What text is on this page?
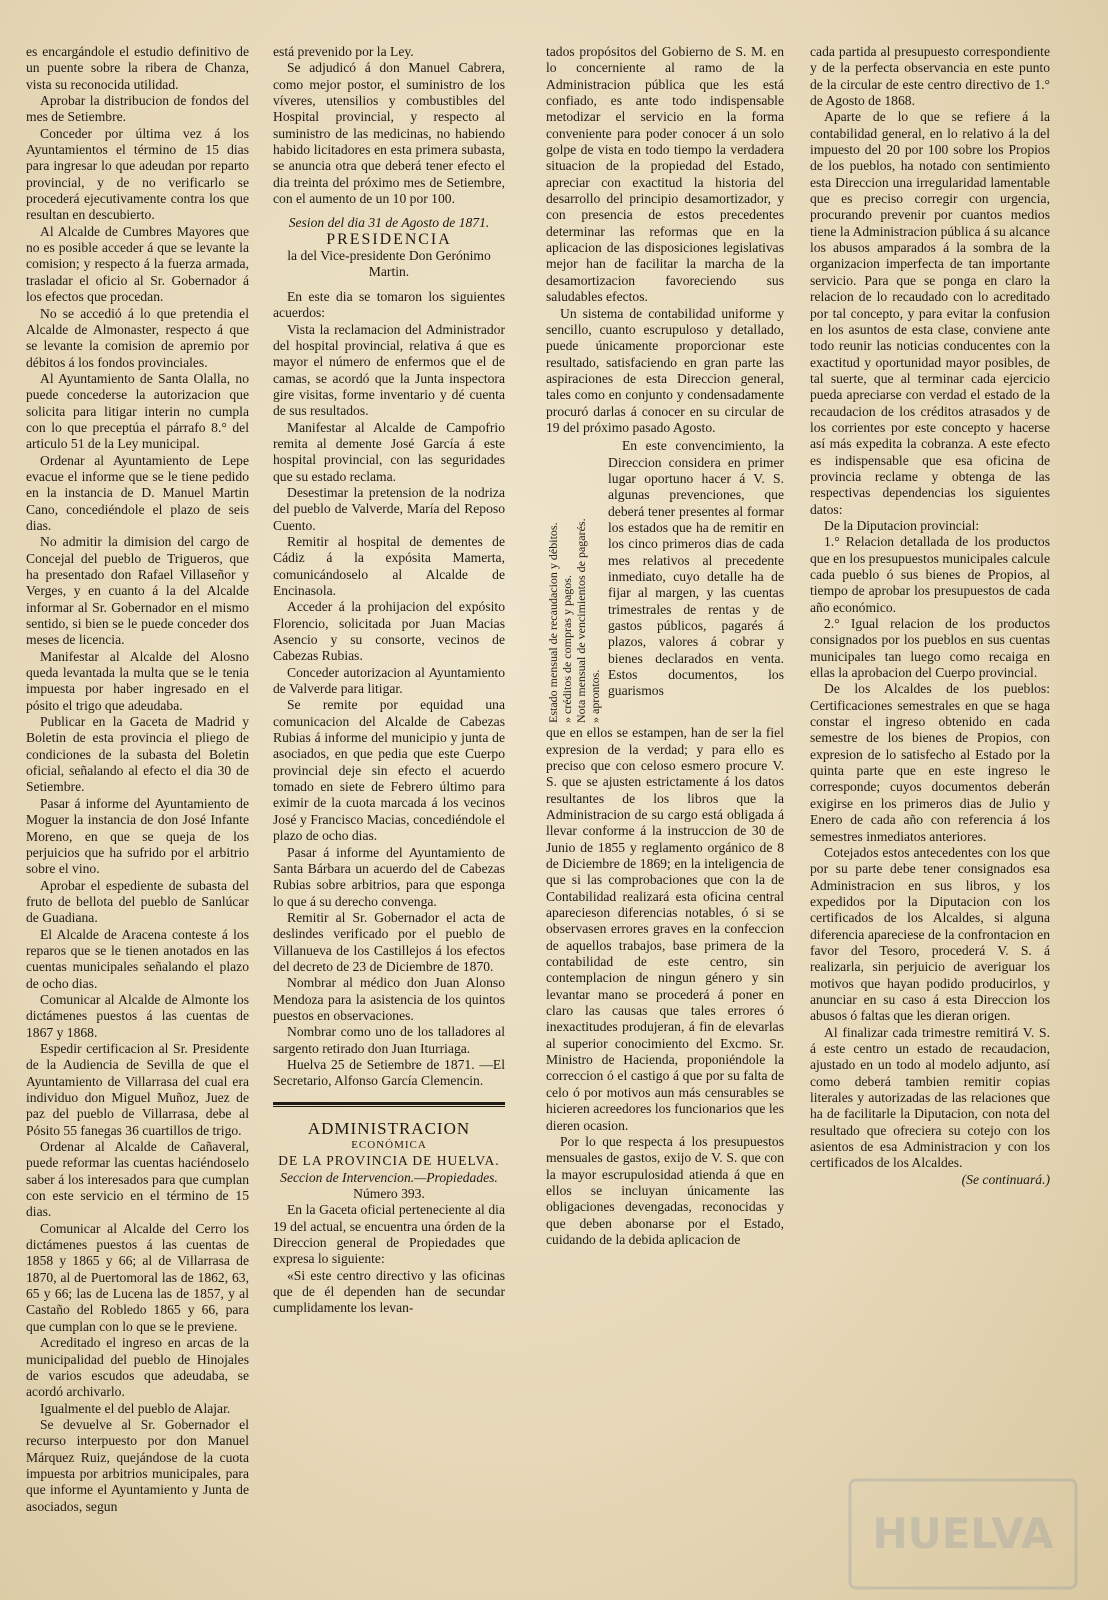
es encargándole el estudio definitivo de un puente sobre la ribera de Chanza, vista su reconocida utilidad.

Aprobar la distribucion de fondos del mes de Setiembre.

Conceder por última vez á los Ayuntamientos el término de 15 dias para ingresar lo que adeudan por reparto provincial, y de no verificarlo se procederá ejecutivamente contra los que resultan en descubierto.

Al Alcalde de Cumbres Mayores que no es posible acceder á que se levante la comision; y respecto á la fuerza armada, trasladar el oficio al Sr. Gobernador á los efectos que procedan.

No se accedió á lo que pretendia el Alcalde de Almonaster, respecto á que se levante la comision de apremio por débitos á los fondos provinciales.

Al Ayuntamiento de Santa Olalla, no puede concederse la autorizacion que solicita para litigar interin no cumpla con lo que preceptúa el párrafo 8.° del articulo 51 de la Ley municipal.

Ordenar al Ayuntamiento de Lepe evacue el informe que se le tiene pedido en la instancia de D. Manuel Martin Cano, concediéndole el plazo de seis dias.

No admitir la dimision del cargo de Concejal del pueblo de Trigueros, que ha presentado don Rafael Villaseñor y Verges, y en cuanto á la del Alcalde informar al Sr. Gobernador en el mismo sentido, si bien se le puede conceder dos meses de licencia.

Manifestar al Alcalde del Alosno queda levantada la multa que se le tenia impuesta por haber ingresado en el pósito el trigo que adeudaba.

Publicar en la Gaceta de Madrid y Boletin de esta provincia el pliego de condiciones de la subasta del Boletin oficial, señalando al efecto el dia 30 de Setiembre.

Pasar á informe del Ayuntamiento de Moguer la instancia de don José Infante Moreno, en que se queja de los perjuicios que ha sufrido por el arbitrio sobre el vino.

Aprobar el espediente de subasta del fruto de bellota del pueblo de Sanlúcar de Guadiana.

El Alcalde de Aracena conteste á los reparos que se le tienen anotados en las cuentas municipales señalando el plazo de ocho dias.

Comunicar al Alcalde de Almonte los dictámenes puestos á las cuentas de 1867 y 1868.

Espedir certificacion al Sr. Presidente de la Audiencia de Sevilla de que el Ayuntamiento de Villarrasa del cual era individuo don Miguel Muñoz, Juez de paz del pueblo de Villarrasa, debe al Pósito 55 fanegas 36 cuartillos de trigo.

Ordenar al Alcalde de Cañaveral, puede reformar las cuentas haciéndoselo saber á los interesados para que cumplan con este servicio en el término de 15 dias.

Comunicar al Alcalde del Cerro los dictámenes puestos á las cuentas de 1858 y 1865 y 66; al de Villarrasa de 1870, al de Puertomoral las de 1862, 63, 65 y 66; las de Lucena las de 1857, y al Castaño del Robledo 1865 y 66, para que cumplan con lo que se le previene.

Acreditado el ingreso en arcas de la municipalidad del pueblo de Hinojales de varios escudos que adeudaba, se acordó archivarlo.

Igualmente el del pueblo de Alajar.

Se devuelve al Sr. Gobernador el recurso interpuesto por don Manuel Márquez Ruiz, quejándose de la cuota impuesta por arbitrios municipales, para que informe el Ayuntamiento y Junta de asociados, segun

está prevenido por la Ley.

Se adjudicó á don Manuel Cabrera, como mejor postor, el suministro de los víveres, utensilios y combustibles del Hospital provincial, y respecto al suministro de las medicinas, no habiendo habido licitadores en esta primera subasta, se anuncia otra que deberá tener efecto el dia treinta del próximo mes de Setiembre, con el aumento de un 10 por 100.

Sesion del dia 31 de Agosto de 1871.

PRESIDENCIA

la del Vice-presidente Don Gerónimo Martin.

En este dia se tomaron los siguientes acuerdos:

Vista la reclamacion del Administrador del hospital provincial, relativa á que es mayor el número de enfermos que el de camas, se acordó que la Junta inspectora gire visitas, forme inventario y dé cuenta de sus resultados.

Manifestar al Alcalde de Campofrio remita al demente José García á este hospital provincial, con las seguridades que su estado reclama.

Desestimar la pretension de la nodriza del pueblo de Valverde, María del Reposo Cuento.

Remitir al hospital de dementes de Cádiz á la expósita Mamerta, comunicándoselo al Alcalde de Encinasola.

Acceder á la prohijacion del expósito Florencio, solicitada por Juan Macias Asencio y su consorte, vecinos de Cabezas Rubias.

Conceder autorizacion al Ayuntamiento de Valverde para litigar.

Se remite por equidad una comunicacion del Alcalde de Cabezas Rubias á informe del municipio y junta de asociados, en que pedia que este Cuerpo provincial deje sin efecto el acuerdo tomado en siete de Febrero último para eximir de la cuota marcada á los vecinos José y Francisco Macias, concediéndole el plazo de ocho dias.

Pasar á informe del Ayuntamiento de Santa Bárbara un acuerdo del de Cabezas Rubias sobre arbitrios, para que esponga lo que á su derecho convenga.

Remitir al Sr. Gobernador el acta de deslindes verificado por el pueblo de Villanueva de los Castillejos á los efectos del decreto de 23 de Diciembre de 1870.

Nombrar al médico don Juan Alonso Mendoza para la asistencia de los quintos puestos en observaciones.

Nombrar como uno de los talladores al sargento retirado don Juan Iturriaga.

Huelva 25 de Setiembre de 1871. —El Secretario, Alfonso García Clemencin.

ADMINISTRACION
ECONÓMICA
DE LA PROVINCIA DE HUELVA.

Seccion de Intervencion.—Propiedades.

Número 393.

En la Gaceta oficial perteneciente al dia 19 del actual, se encuentra una órden de la Direccion general de Propiedades que expresa lo siguiente:

«Si este centro directivo y las oficinas que de él dependen han de secundar cumplidamente los levan-

tados propósitos del Gobierno de S. M. en lo concerniente al ramo de la Administracion pública que les está confiado, es ante todo indispensable metodizar el servicio en la forma conveniente para poder conocer á un solo golpe de vista en todo tiempo la verdadera situacion de la propiedad del Estado, apreciar con exactitud la historia del desarrollo del principio desamortizador, y con presencia de estos precedentes determinar las reformas que en la aplicacion de las disposiciones legislativas mejor han de facilitar la marcha de la desamortizacion favoreciendo sus saludables efectos.

Un sistema de contabilidad uniforme y sencillo, cuanto escrupuloso y detallado, puede únicamente proporcionar este resultado, satisfaciendo en gran parte las aspiraciones de esta Direccion general, tales como en conjunto y condensadamente procuró darlas á conocer en su circular de 19 del próximo pasado Agosto.

Estado mensual de recaudacion y débitos.
» créditos de compras y pagos. Nota mensual de vencimientos de pagarés.
» aprontos.

En este convencimiento, la Direccion considera en primer lugar oportuno hacer á V. S. algunas prevenciones, que deberá tener presentes al formar los estados que ha de remitir en los cinco primeros dias de cada mes relativos al precedente inmediato, cuyo detalle ha de fijar al margen, y las cuentas trimestrales de rentas y de gastos públicos, pagarés á plazos, valores á cobrar y bienes declarados en venta. Estos documentos, los guarismos

que en ellos se estampen, han de ser la fiel expresion de la verdad; y para ello es preciso que con celoso esmero procure V. S. que se ajusten estrictamente á los datos resultantes de los libros que la Administracion de su cargo está obligada á llevar conforme á la instruccion de 30 de Junio de 1855 y reglamento orgánico de 8 de Diciembre de 1869; en la inteligencia de que si las comprobaciones que con la de Contabilidad realizará esta oficina central aparecieson diferencias notables, ó si se observasen errores graves en la confeccion de aquellos trabajos, base primera de la contabilidad de este centro, sin contemplacion de ningun género y sin levantar mano se procederá á poner en claro las causas que tales errores ó inexactitudes produjeran, á fin de elevarlas al superior conocimiento del Excmo. Sr. Ministro de Hacienda, proponiéndole la correccion ó el castigo á que por su falta de celo ó por motivos aun más censurables se hicieren acreedores los funcionarios que les dieren ocasion.

Por lo que respecta á los presupuestos mensuales de gastos, exijo de V. S. que con la mayor escrupulosidad atienda á que en ellos se incluyan únicamente las obligaciones devengadas, reconocidas y que deben abonarse por el Estado, cuidando de la debida aplicacion de

cada partida al presupuesto correspondiente y de la perfecta observancia en este punto de la circular de este centro directivo de 1.° de Agosto de 1868.

Aparte de lo que se refiere á la contabilidad general, en lo relativo á la del impuesto del 20 por 100 sobre los Propios de los pueblos, ha notado con sentimiento esta Direccion una irregularidad lamentable que es preciso corregir con urgencia, procurando prevenir por cuantos medios tiene la Administracion pública á su alcance los abusos amparados á la sombra de la organizacion imperfecta de tan importante servicio. Para que se ponga en claro la relacion de lo recaudado con lo acreditado por tal concepto, y para evitar la confusion en los asuntos de esta clase, conviene ante todo reunir las noticias conducentes con la exactitud y oportunidad mayor posibles, de tal suerte, que al terminar cada ejercicio pueda apreciarse con verdad el estado de la recaudacion de los créditos atrasados y de los corrientes por este concepto y hacerse así más expedita la cobranza. A este efecto es indispensable que esa oficina de provincia reclame y obtenga de las respectivas dependencias los siguientes datos:

De la Diputacion provincial:

1.° Relacion detallada de los productos que en los presupuestos municipales calcule cada pueblo ó sus bienes de Propios, al tiempo de aprobar los presupuestos de cada año económico.

2.° Igual relacion de los productos consignados por los pueblos en sus cuentas municipales tan luego como recaiga en ellas la aprobacion del Cuerpo provincial.

De los Alcaldes de los pueblos: Certificaciones semestrales en que se haga constar el ingreso obtenido en cada semestre de los bienes de Propios, con expresion de lo satisfecho al Estado por la quinta parte que en este ingreso le corresponde; cuyos documentos deberán exigirse en los primeros dias de Julio y Enero de cada año con referencia á los semestres inmediatos anteriores.

Cotejados estos antecedentes con los que por su parte debe tener consignados esa Administracion en sus libros, y los expedidos por la Diputacion con los certificados de los Alcaldes, si alguna diferencia apareciese de la confrontacion en favor del Tesoro, procederá V. S. á realizarla, sin perjuicio de averiguar los motivos que hayan podido producirlos, y anunciar en su caso á esta Direccion los abusos ó faltas que les dieran origen.

Al finalizar cada trimestre remitirá V. S. á este centro un estado de recaudacion, ajustado en un todo al modelo adjunto, así como deberá tambien remitir copias literales y autorizadas de las relaciones que ha de facilitarle la Diputacion, con nota del resultado que ofreciera su cotejo con los asientos de esa Administracion y con los certificados de los Alcaldes.

(Se continuará.)

HUELVA
